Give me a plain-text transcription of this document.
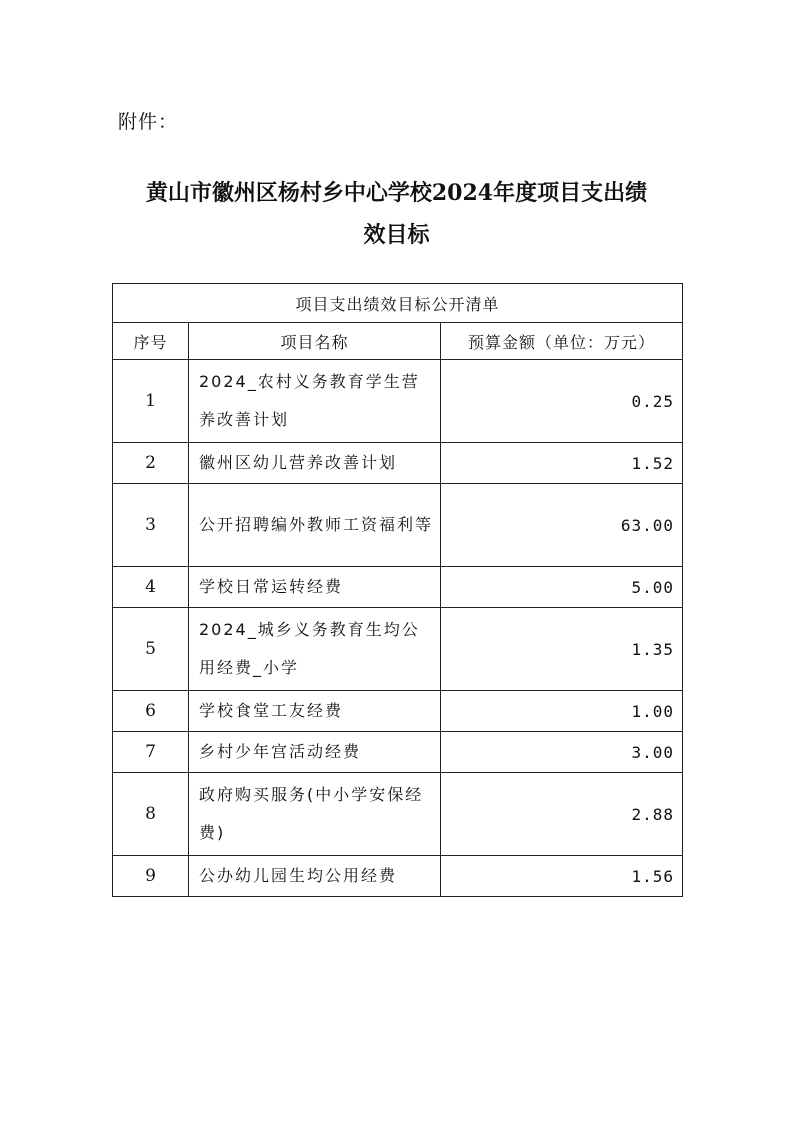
附件：
黄山市徽州区杨村乡中心学校2024年度项目支出绩
效目标
项目支出绩效目标公开清单		
序号	项目名称	预算金额（单位：万元）
1	2024_农村义务教育学生营养改善计划	0.25
2	徽州区幼儿营养改善计划	1.52
3	公开招聘编外教师工资福利等	63.00
4	学校日常运转经费	5.00
5	2024_城乡义务教育生均公用经费_小学	1.35
6	学校食堂工友经费	1.00
7	乡村少年宫活动经费	3.00
8	政府购买服务(中小学安保经费)	2.88
9	公办幼儿园生均公用经费	1.56
